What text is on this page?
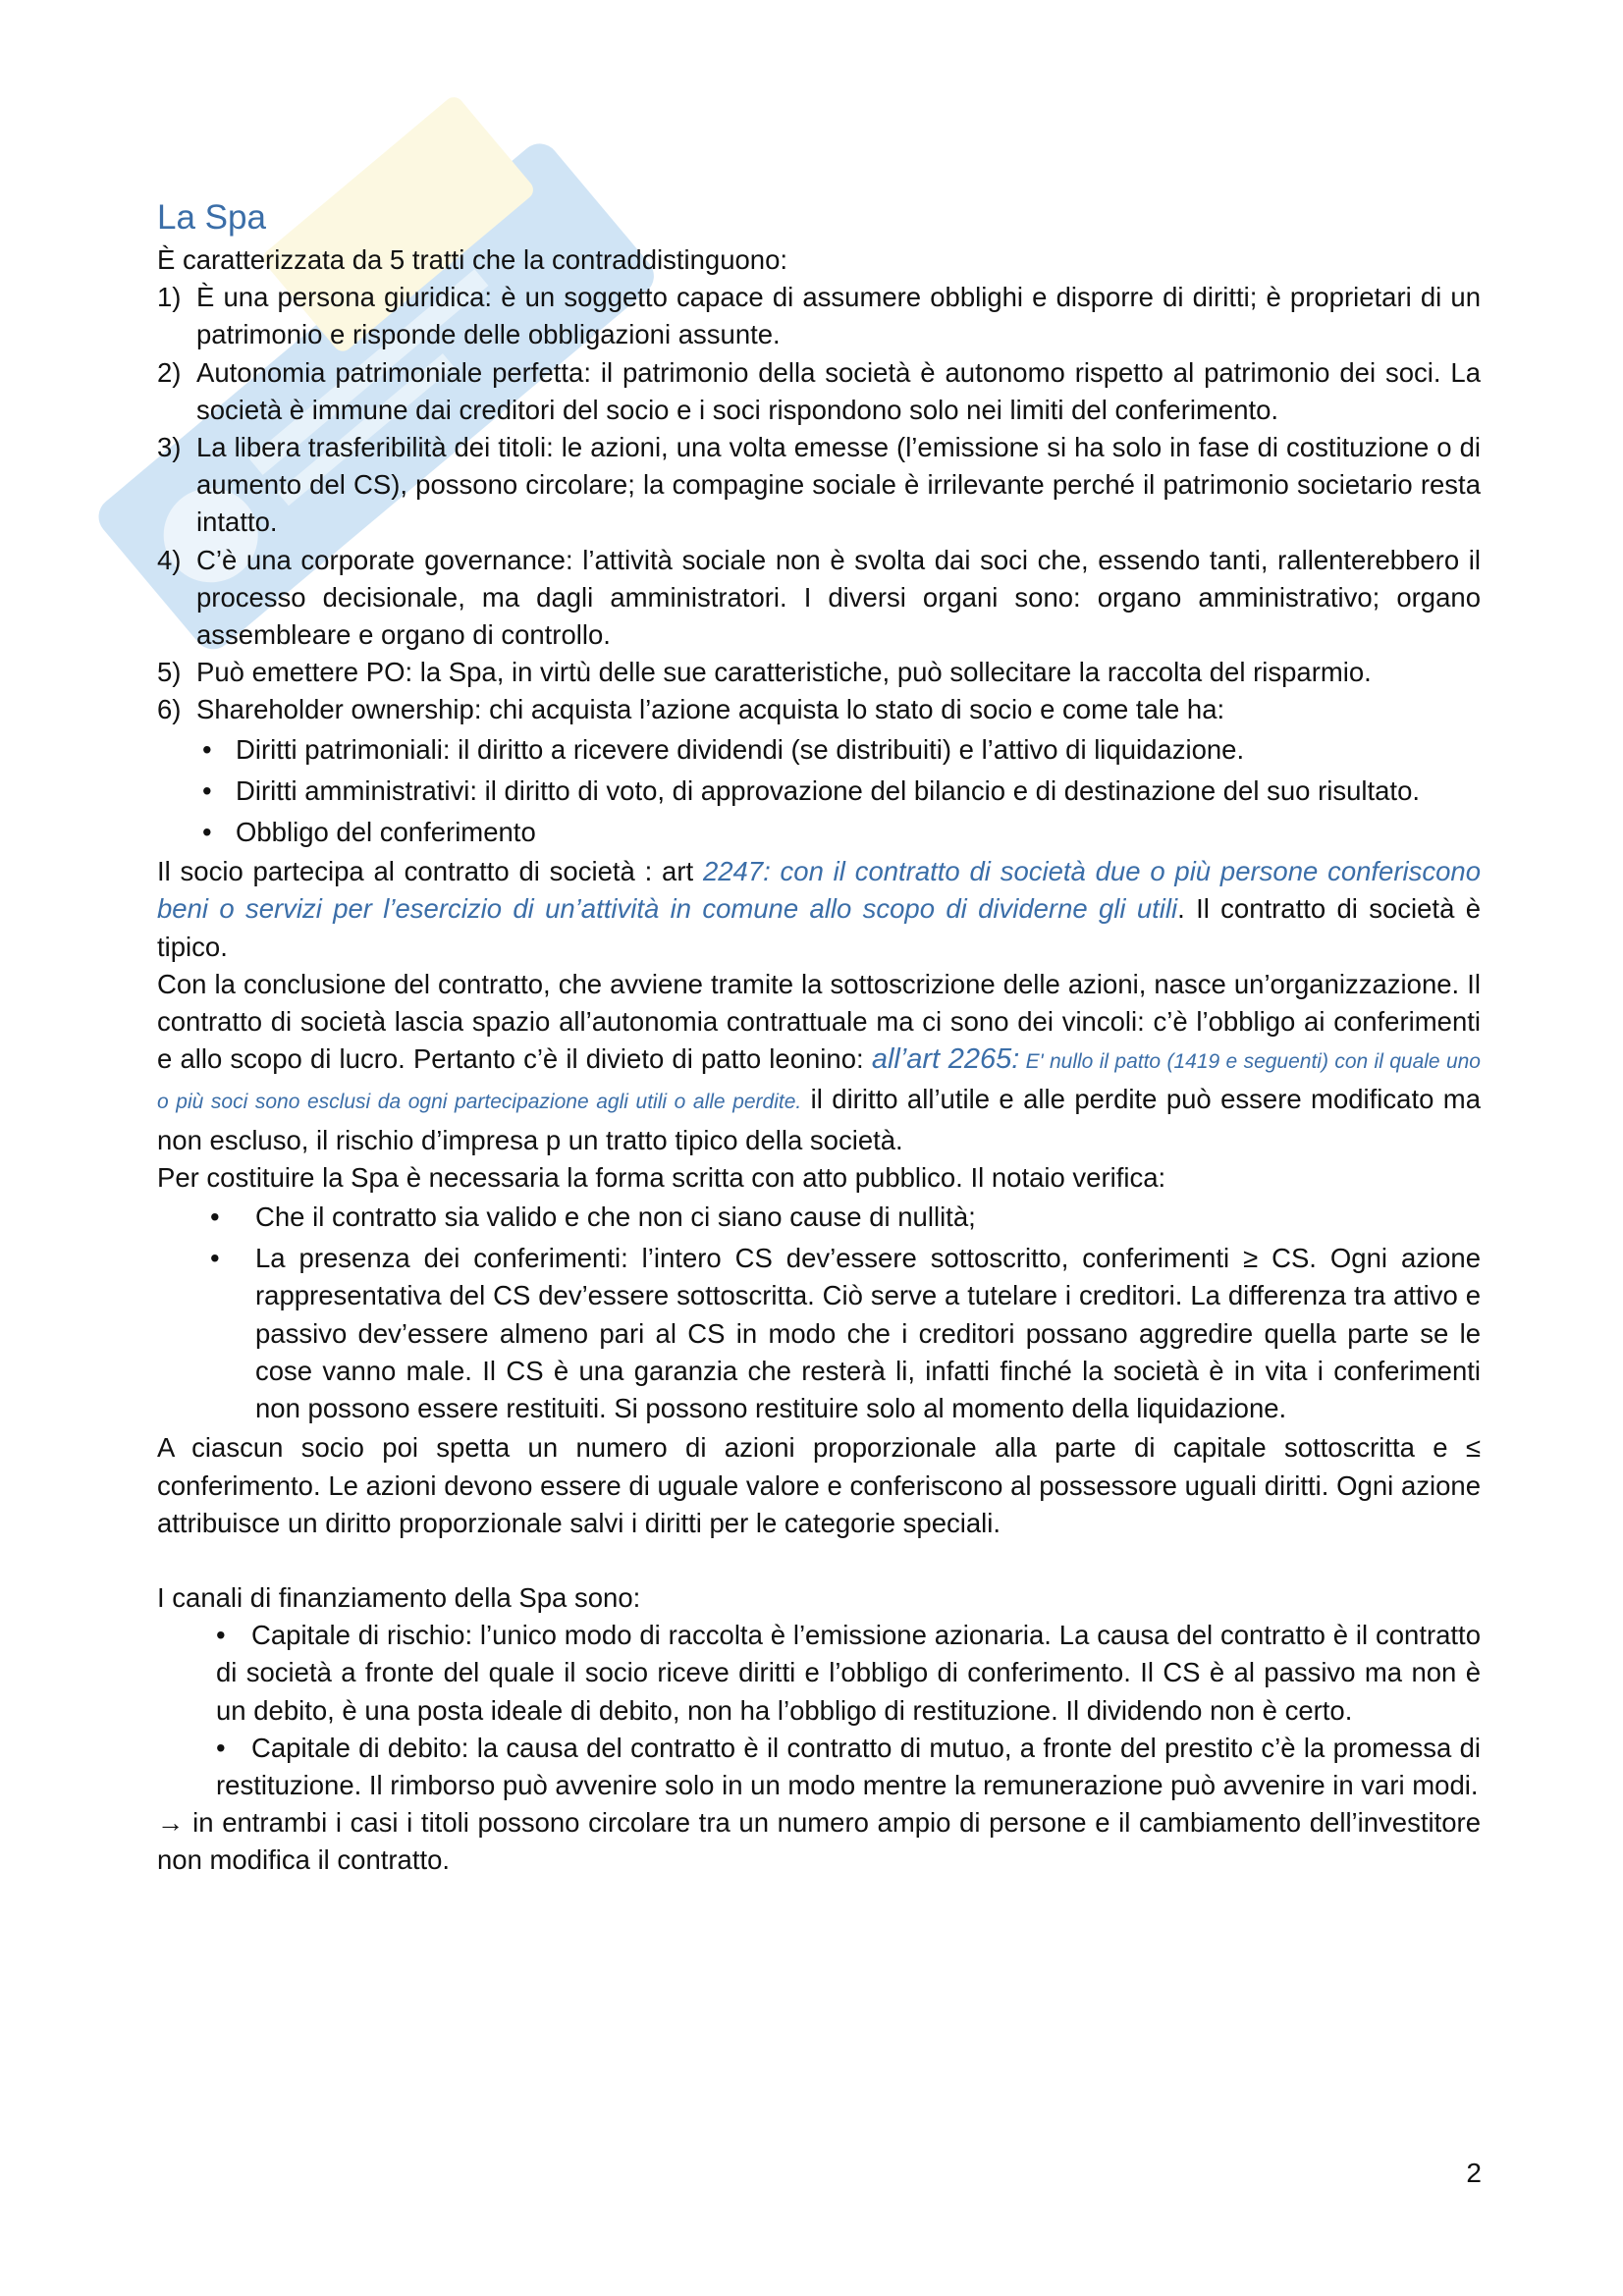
La Spa

È caratterizzata da 5 tratti che la contraddistinguono:

1) È una persona giuridica: è un soggetto capace di assumere obblighi e disporre di diritti; è proprietari di un patrimonio e risponde delle obbligazioni assunte.
2) Autonomia patrimoniale perfetta: il patrimonio della società è autonomo rispetto al patrimonio dei soci. La società è immune dai creditori del socio e i soci rispondono solo nei limiti del conferimento.
3) La libera trasferibilità dei titoli: le azioni, una volta emesse (l’emissione si ha solo in fase di costituzione o di aumento del CS), possono circolare; la compagine sociale è irrilevante perché il patrimonio societario resta intatto.
4) C’è una corporate governance: l’attività sociale non è svolta dai soci che, essendo tanti, rallenterebbero il processo decisionale, ma dagli amministratori. I diversi organi sono: organo amministrativo; organo assembleare e organo di controllo.
5) Può emettere PO: la Spa, in virtù delle sue caratteristiche, può sollecitare la raccolta del risparmio.
6) Shareholder ownership: chi acquista l’azione acquista lo stato di socio e come tale ha:
• Diritti patrimoniali: il diritto a ricevere dividendi (se distribuiti) e l’attivo di liquidazione.
• Diritti amministrativi: il diritto di voto, di approvazione del bilancio e di destinazione del suo risultato.
• Obbligo del conferimento

Il socio partecipa al contratto di società : art 2247: con il contratto di società due o più persone conferiscono beni o servizi per l’esercizio di un’attività in comune allo scopo di dividerne gli utili. Il contratto di società è tipico.

Con la conclusione del contratto, che avviene tramite la sottoscrizione delle azioni, nasce un’organizzazione. Il contratto di società lascia spazio all’autonomia contrattuale ma ci sono dei vincoli: c’è l’obbligo ai conferimenti e allo scopo di lucro. Pertanto c’è il divieto di patto leonino: all’art 2265: E' nullo il patto (1419 e seguenti) con il quale uno o più soci sono esclusi da ogni partecipazione agli utili o alle perdite. il diritto all’utile e alle perdite può essere modificato ma non escluso, il rischio d’impresa p un tratto tipico della società.

Per costituire la Spa è necessaria la forma scritta con atto pubblico. Il notaio verifica:

• Che il contratto sia valido e che non ci siano cause di nullità;
• La presenza dei conferimenti: l’intero CS dev’essere sottoscritto, conferimenti ≥ CS. Ogni azione rappresentativa del CS dev’essere sottoscritta. Ciò serve a tutelare i creditori. La differenza tra attivo e passivo dev’essere almeno pari al CS in modo che i creditori possano aggredire quella parte se le cose vanno male. Il CS è una garanzia che resterà li, infatti finché la società è in vita i conferimenti non possono essere restituiti. Si possono restituire solo al momento della liquidazione.

A ciascun socio poi spetta un numero di azioni proporzionale alla parte di capitale sottoscritta e ≤ conferimento. Le azioni devono essere di uguale valore e conferiscono al possessore uguali diritti. Ogni azione attribuisce un diritto proporzionale salvi i diritti per le categorie speciali.

I canali di finanziamento della Spa sono:

• Capitale di rischio: l’unico modo di raccolta è l’emissione azionaria. La causa del contratto è il contratto di società a fronte del quale il socio riceve diritti e l’obbligo di conferimento. Il CS è al passivo ma non è un debito, è una posta ideale di debito, non ha l’obbligo di restituzione. Il dividendo non è certo.
• Capitale di debito: la causa del contratto è il contratto di mutuo, a fronte del prestito c’è la promessa di restituzione. Il rimborso può avvenire solo in un modo mentre la remunerazione può avvenire in vari modi.

→ in entrambi i casi i titoli possono circolare tra un numero ampio di persone e il cambiamento dell’investitore non modifica il contratto.

2
